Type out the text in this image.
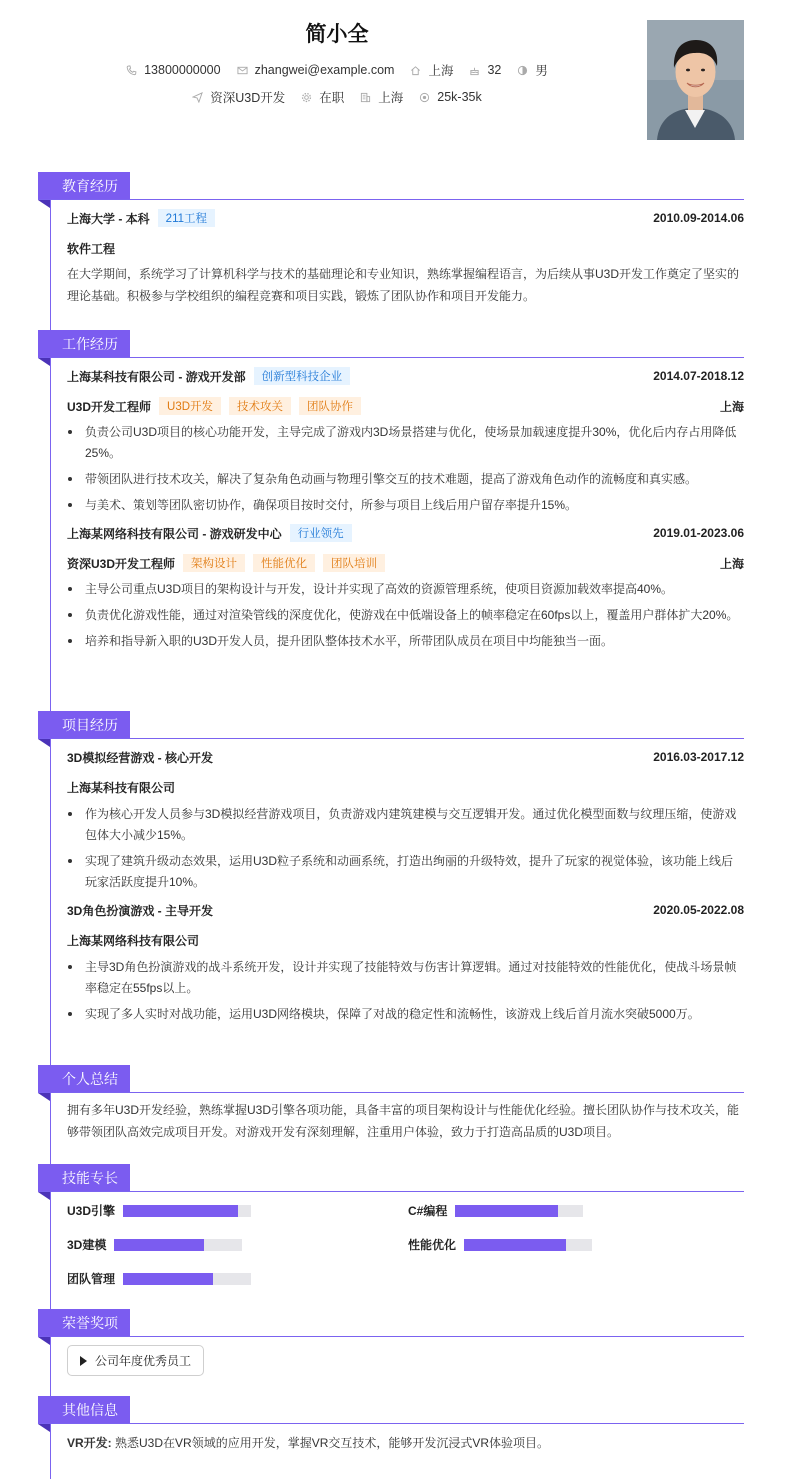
简小全
13800000000	zhangwei@example.com	上海	32	男
资深U3D开发	在职	上海	25k-35k
教育经历
上海大学 - 本科	211工程	2010.09-2014.06
软件工程
在大学期间，系统学习了计算机科学与技术的基础理论和专业知识，熟练掌握编程语言，为后续从事U3D开发工作奠定了坚实的理论基础。积极参与学校组织的编程竞赛和项目实践，锻炼了团队协作和项目开发能力。
工作经历
上海某科技有限公司 - 游戏开发部	创新型科技企业	2014.07-2018.12
U3D开发工程师	U3D开发	技术攻关	团队协作	上海
负责公司U3D项目的核心功能开发，主导完成了游戏内3D场景搭建与优化，使场景加载速度提升30%，优化后内存占用降低25%。
带领团队进行技术攻关，解决了复杂角色动画与物理引擎交互的技术难题，提高了游戏角色动作的流畅度和真实感。
与美术、策划等团队密切协作，确保项目按时交付，所参与项目上线后用户留存率提升15%。
上海某网络科技有限公司 - 游戏研发中心	行业领先	2019.01-2023.06
资深U3D开发工程师	架构设计	性能优化	团队培训	上海
主导公司重点U3D项目的架构设计与开发，设计并实现了高效的资源管理系统，使项目资源加载效率提高40%。
负责优化游戏性能，通过对渲染管线的深度优化，使游戏在中低端设备上的帧率稳定在60fps以上，覆盖用户群体扩大20%。
培养和指导新入职的U3D开发人员，提升团队整体技术水平，所带团队成员在项目中均能独当一面。
项目经历
3D模拟经营游戏 - 核心开发	2016.03-2017.12
上海某科技有限公司
作为核心开发人员参与3D模拟经营游戏项目，负责游戏内建筑建模与交互逻辑开发。通过优化模型面数与纹理压缩，使游戏包体大小减少15%。
实现了建筑升级动态效果，运用U3D粒子系统和动画系统，打造出绚丽的升级特效，提升了玩家的视觉体验，该功能上线后玩家活跃度提升10%。
3D角色扮演游戏 - 主导开发	2020.05-2022.08
上海某网络科技有限公司
主导3D角色扮演游戏的战斗系统开发，设计并实现了技能特效与伤害计算逻辑。通过对技能特效的性能优化，使战斗场景帧率稳定在55fps以上。
实现了多人实时对战功能，运用U3D网络模块，保障了对战的稳定性和流畅性，该游戏上线后首月流水突破5000万。
个人总结
拥有多年U3D开发经验，熟练掌握U3D引擎各项功能，具备丰富的项目架构设计与性能优化经验。擅长团队协作与技术攻关，能够带领团队高效完成项目开发。对游戏开发有深刻理解，注重用户体验，致力于打造高品质的U3D项目。
技能专长
U3D引擎	C#编程
3D建模	性能优化
团队管理
荣誉奖项
公司年度优秀员工
其他信息
VR开发: 熟悉U3D在VR领域的应用开发，掌握VR交互技术，能够开发沉浸式VR体验项目。
